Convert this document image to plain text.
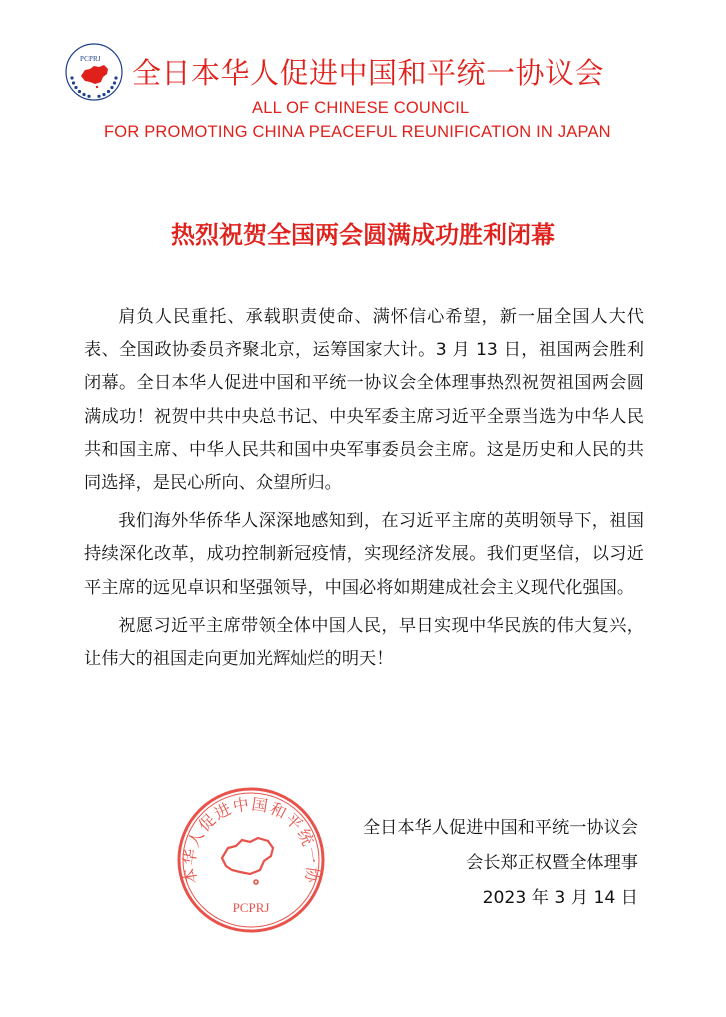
PCPRJ 全日本华人促进中国和平统一协议会
ALL OF CHINESE COUNCIL
FOR PROMOTING CHINA PEACEFUL REUNIFICATION IN JAPAN
热烈祝贺全国两会圆满成功胜利闭幕

肩负人民重托、承载职责使命、满怀信心希望，新一届全国人大代表、全国政协委员齐聚北京，运筹国家大计。3 月 13 日，祖国两会胜利闭幕。全日本华人促进中国和平统一协议会全体理事热烈祝贺祖国两会圆满成功！祝贺中共中央总书记、中央军委主席习近平全票当选为中华人民共和国主席、中华人民共和国中央军事委员会主席。这是历史和人民的共同选择，是民心所向、众望所归。

我们海外华侨华人深深地感知到，在习近平主席的英明领导下，祖国持续深化改革，成功控制新冠疫情，实现经济发展。我们更坚信，以习近平主席的远见卓识和坚强领导，中国必将如期建成社会主义现代化强国。

祝愿习近平主席带领全体中国人民，早日实现中华民族的伟大复兴，让伟大的祖国走向更加光辉灿烂的明天！

本华人促进中国和平统一协
PCPRJ
全日本华人促进中国和平统一协议会
会长郑正权暨全体理事
2023 年 3 月 14 日
